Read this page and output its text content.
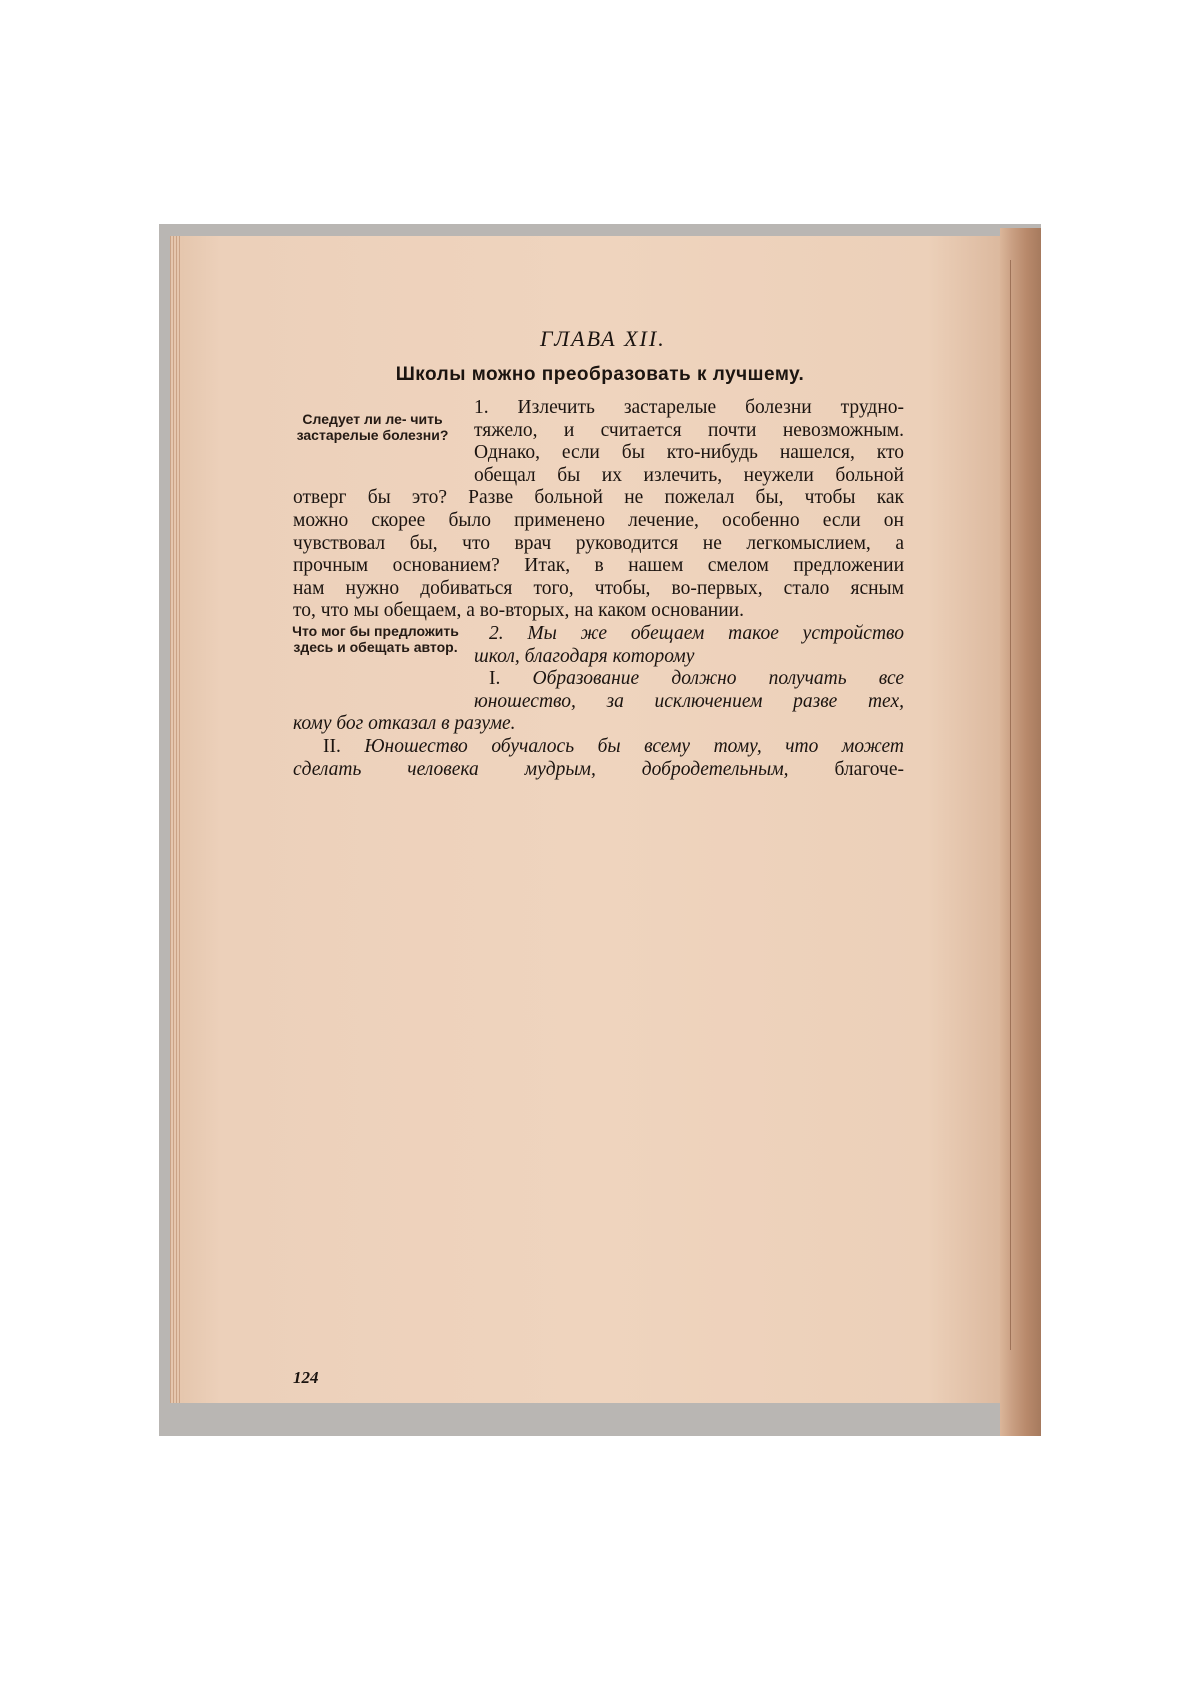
ГЛАВА XII.
Школы можно преобразовать к лучшему.
Следует ли ле- чить застарелые болезни?
Что мог бы предложить здесь и обещать автор.
1. Излечить застарелые болезни трудно-
тяжело, и считается почти невозможным.
Однако, если бы кто-нибудь нашелся, кто
обещал бы их излечить, неужели больной
отверг бы это? Разве больной не пожелал бы, чтобы как
можно скорее было применено лечение, особенно если он
чувствовал бы, что врач руководится не легкомыслием, а
прочным основанием? Итак, в нашем смелом предложении
нам нужно добиваться того, чтобы, во-первых, стало ясным
то, что мы обещаем, а во-вторых, на каком основании.
2. Мы же обещаем такое устройство
школ, благодаря которому
I. Образование должно получать все
юношество, за исключением разве тех,
кому бог отказал в разуме.
II. Юношество обучалось бы всему тому, что может
сделать человека мудрым, добродетельным, благоче-
124
